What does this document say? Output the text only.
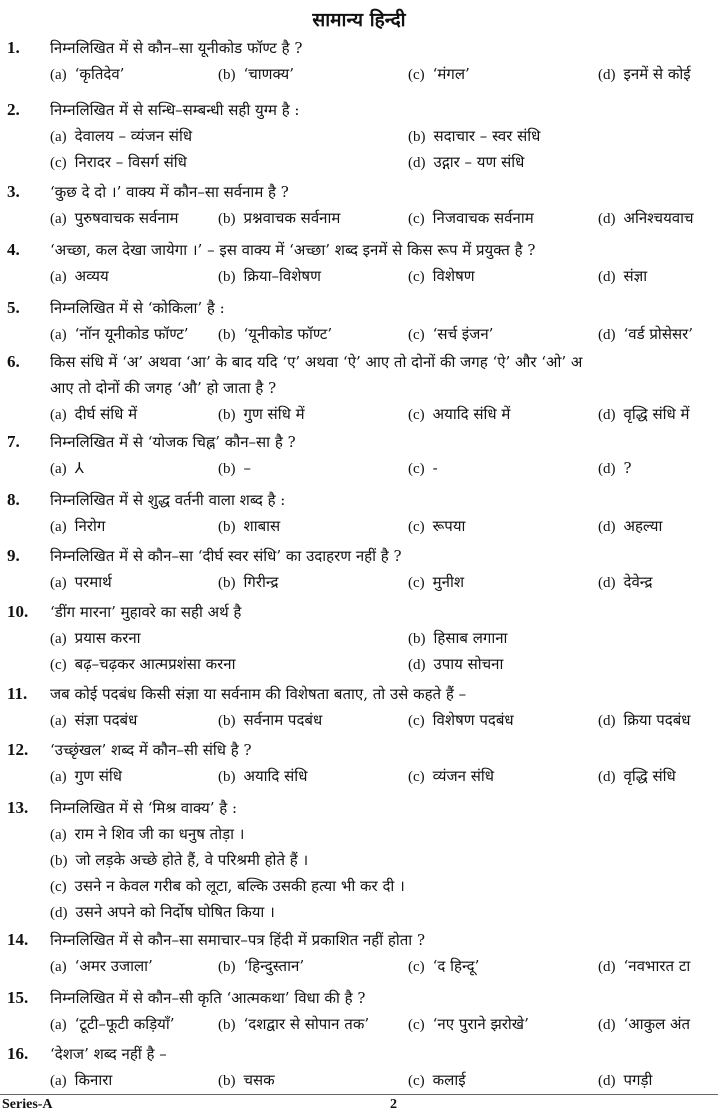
सामान्य हिन्दी
1. निम्नलिखित में से कौन–सा यूनीकोड फॉण्ट है ?
(a) ‘कृतिदेव’	(b) ‘चाणक्य’	(c) ‘मंगल’	(d) इनमें से कोई
2. निम्नलिखित में से सन्धि–सम्बन्धी सही युग्म है :
(a) देवालय – व्यंजन संधि	(b) सदाचार – स्वर संधि
(c) निरादर – विसर्ग संधि	(d) उद्गार – यण संधि
3. ‘कुछ दे दो ।’ वाक्य में कौन–सा सर्वनाम है ?
(a) पुरुषवाचक सर्वनाम	(b) प्रश्नवाचक सर्वनाम	(c) निजवाचक सर्वनाम	(d) अनिश्चयवाच
4. ‘अच्छा, कल देखा जायेगा ।’ – इस वाक्य में ‘अच्छा’ शब्द इनमें से किस रूप में प्रयुक्त है ?
(a) अव्यय	(b) क्रिया–विशेषण	(c) विशेषण	(d) संज्ञा
5. निम्नलिखित में से ‘कोकिला’ है :
(a) ‘नॉन यूनीकोड फॉण्ट’ (b) ‘यूनीकोड फॉण्ट’	(c) ‘सर्च इंजन’	(d) ‘वर्ड प्रोसेसर’
6. किस संधि में ‘अ’ अथवा ‘आ’ के बाद यदि ‘ए’ अथवा ‘ऐ’ आए तो दोनों की जगह ‘ऐ’ और ‘ओ’ अ
आए तो दोनों की जगह ‘औ’ हो जाता है ?
(a) दीर्घ संधि में	(b) गुण संधि में	(c) अयादि संधि में	(d) वृद्धि संधि में
7. निम्नलिखित में से ‘योजक चिह्न’ कौन–सा है ?
(a) ⅄	(b) –	(c) -	(d) ?
8. निम्नलिखित में से शुद्ध वर्तनी वाला शब्द है :
(a) निरोग	(b) शाबास	(c) रूपया	(d) अहल्या
9. निम्नलिखित में से कौन–सा ‘दीर्घ स्वर संधि’ का उदाहरण नहीं है ?
(a) परमार्थ	(b) गिरीन्द्र	(c) मुनीश	(d) देवेन्द्र
10. ‘डींग मारना’ मुहावरे का सही अर्थ है
(a) प्रयास करना	(b) हिसाब लगाना
(c) बढ़–चढ़कर आत्मप्रशंसा करना	(d) उपाय सोचना
11. जब कोई पदबंध किसी संज्ञा या सर्वनाम की विशेषता बताए, तो उसे कहते हैं –
(a) संज्ञा पदबंध	(b) सर्वनाम पदबंध	(c) विशेषण पदबंध	(d) क्रिया पदबंध
12. ‘उच्छृंखल’ शब्द में कौन–सी संधि है ?
(a) गुण संधि	(b) अयादि संधि	(c) व्यंजन संधि	(d) वृद्धि संधि
13. निम्नलिखित में से ‘मिश्र वाक्य’ है :
(a) राम ने शिव जी का धनुष तोड़ा ।
(b) जो लड़के अच्छे होते हैं, वे परिश्रमी होते हैं ।
(c) उसने न केवल गरीब को लूटा, बल्कि उसकी हत्या भी कर दी ।
(d) उसने अपने को निर्दोष घोषित किया ।
14. निम्नलिखित में से कौन–सा समाचार–पत्र हिंदी में प्रकाशित नहीं होता ?
(a) ‘अमर उजाला’	(b) ‘हिन्दुस्तान’	(c) ‘द हिन्दू’	(d) ‘नवभारत टा
15. निम्नलिखित में से कौन–सी कृति ‘आत्मकथा’ विधा की है ?
(a) ‘टूटी–फूटी कड़ियाँ’	(b) ‘दशद्वार से सोपान तक’	(c) ‘नए पुराने झरोखे’	(d) ‘आकुल अंत
16. ‘देशज’ शब्द नहीं है –
(a) किनारा	(b) चसक	(c) कलाई	(d) पगड़ी
Series-A	2
